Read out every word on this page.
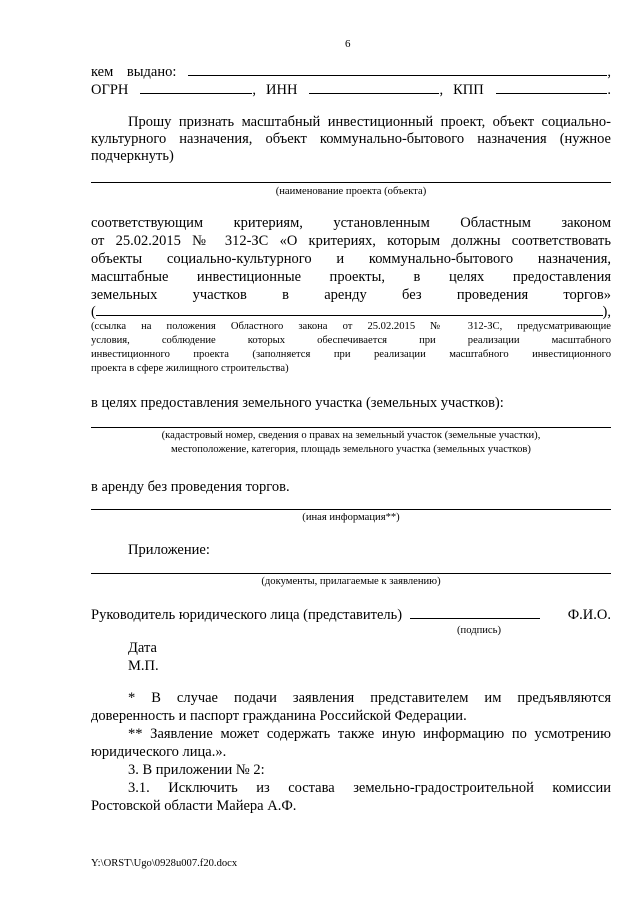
6
кем выдано:	,
ОГРН	, ИНН	, КПП	.
Прошу признать масштабный инвестиционный проект, объект социально-
культурного назначения, объект коммунально-бытового назначения (нужное
подчеркнуть)
(наименование проекта (объекта)
соответствующим критериям, установленным Областным законом
от 25.02.2015 № 312-ЗС «О критериях, которым должны соответствовать
объекты социально-культурного и коммунально-бытового назначения,
масштабные инвестиционные проекты, в целях предоставления
земельных участков в аренду без проведения торгов»
(	),
(ссылка на положения Областного закона от 25.02.2015 № 312-ЗС, предусматривающие
условия, соблюдение которых обеспечивается при реализации масштабного
инвестиционного проекта (заполняется при реализации масштабного инвестиционного
проекта в сфере жилищного строительства)
в целях предоставления земельного участка (земельных участков):
(кадастровый номер, сведения о правах на земельный участок (земельные участки),
местоположение, категория, площадь земельного участка (земельных участков)
в аренду без проведения торгов.
(иная информация**)
Приложение:
(документы, прилагаемые к заявлению)
Руководитель юридического лица (представитель)	Ф.И.О.
(подпись)
Дата
М.П.
* В случае подачи заявления представителем им предъявляются
доверенность и паспорт гражданина Российской Федерации.
** Заявление может содержать также иную информацию по усмотрению
юридического лица.».
3. В приложении № 2:
3.1. Исключить из состава земельно-градостроительной комиссии
Ростовской области Майера А.Ф.
Y:\ORST\Ugo\0928u007.f20.docx
